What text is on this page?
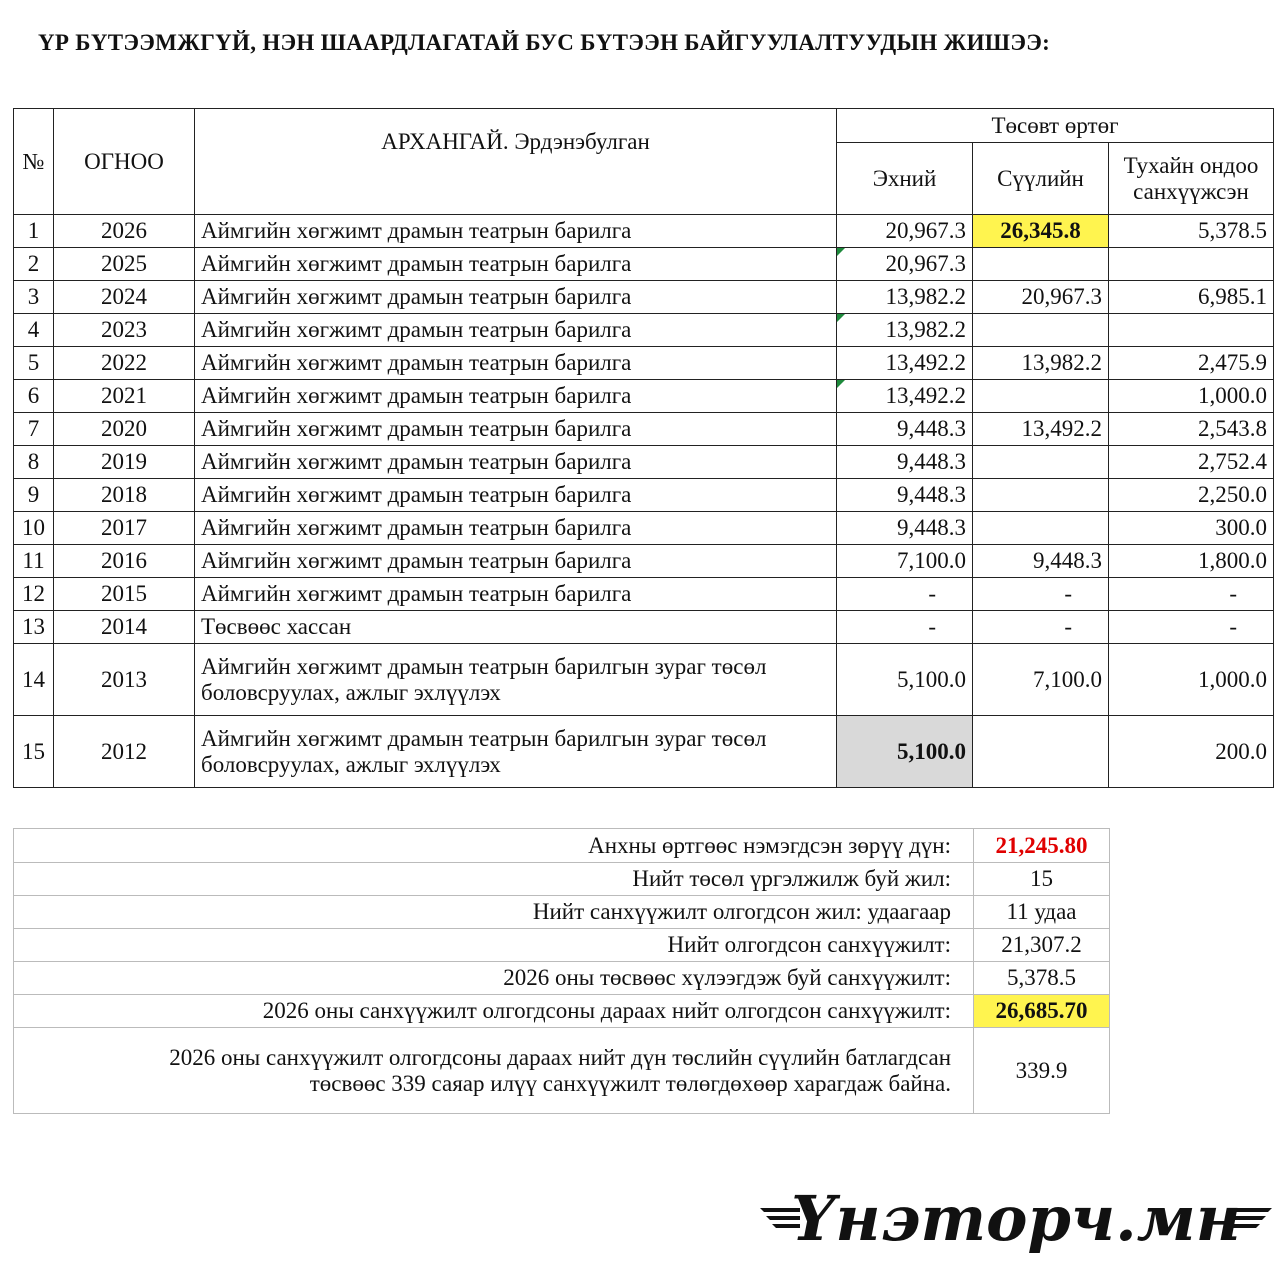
ҮР БҮТЭЭМЖГҮЙ, НЭН ШААРДЛАГАТАЙ БУС БҮТЭЭН БАЙГУУЛАЛТУУДЫН ЖИШЭЭ:
№	ОГНОО	АРХАНГАЙ. Эрдэнэбулган	Төсөвт өртөг		
			Эхний	Сүүлийн	Тухайн ондоо
санхүүжсэн

1	2026	Аймгийн хөгжимт драмын театрын барилга	20,967.3	26,345.8	5,378.5
2	2025	Аймгийн хөгжимт драмын театрын барилга	20,967.3		
3	2024	Аймгийн хөгжимт драмын театрын барилга	13,982.2	20,967.3	6,985.1
4	2023	Аймгийн хөгжимт драмын театрын барилга	13,982.2		
5	2022	Аймгийн хөгжимт драмын театрын барилга	13,492.2	13,982.2	2,475.9
6	2021	Аймгийн хөгжимт драмын театрын барилга	13,492.2		1,000.0
7	2020	Аймгийн хөгжимт драмын театрын барилга	9,448.3	13,492.2	2,543.8
8	2019	Аймгийн хөгжимт драмын театрын барилга	9,448.3		2,752.4
9	2018	Аймгийн хөгжимт драмын театрын барилга	9,448.3		2,250.0
10	2017	Аймгийн хөгжимт драмын театрын барилга	9,448.3		300.0
11	2016	Аймгийн хөгжимт драмын театрын барилга	7,100.0	9,448.3	1,800.0
12	2015	Аймгийн хөгжимт драмын театрын барилга	-	-	-
13	2014	Төсвөөс хассан	-	-	-
14	2013	Аймгийн хөгжимт драмын театрын барилгын зураг төсөл
боловсруулах, ажлыг эхлүүлэх	5,100.0	7,100.0	1,000.0
15	2012	Аймгийн хөгжимт драмын театрын барилгын зураг төсөл
боловсруулах, ажлыг эхлүүлэх	5,100.0		200.0
Анхны өртгөөс нэмэгдсэн зөрүү дүн:	21,245.80
Нийт төсөл үргэлжилж буй жил:	15
Нийт санхүүжилт олгогдсон жил: удаагаар	11 удаа
Нийт олгогдсон санхүүжилт:	21,307.2
2026 оны төсвөөс хүлээгдэж буй санхүүжилт:	5,378.5
2026 оны санхүүжилт олгогдсоны дараах нийт олгогдсон санхүүжилт:	26,685.70

2026 оны санхүүжилт олгогдсоны дараах нийт дүн төслийн сүүлийн батлагдсан
төсвөөс 339 саяар илүү санхүүжилт төлөгдөхөөр харагдаж байна.	339.9
Үнэторч.мн
